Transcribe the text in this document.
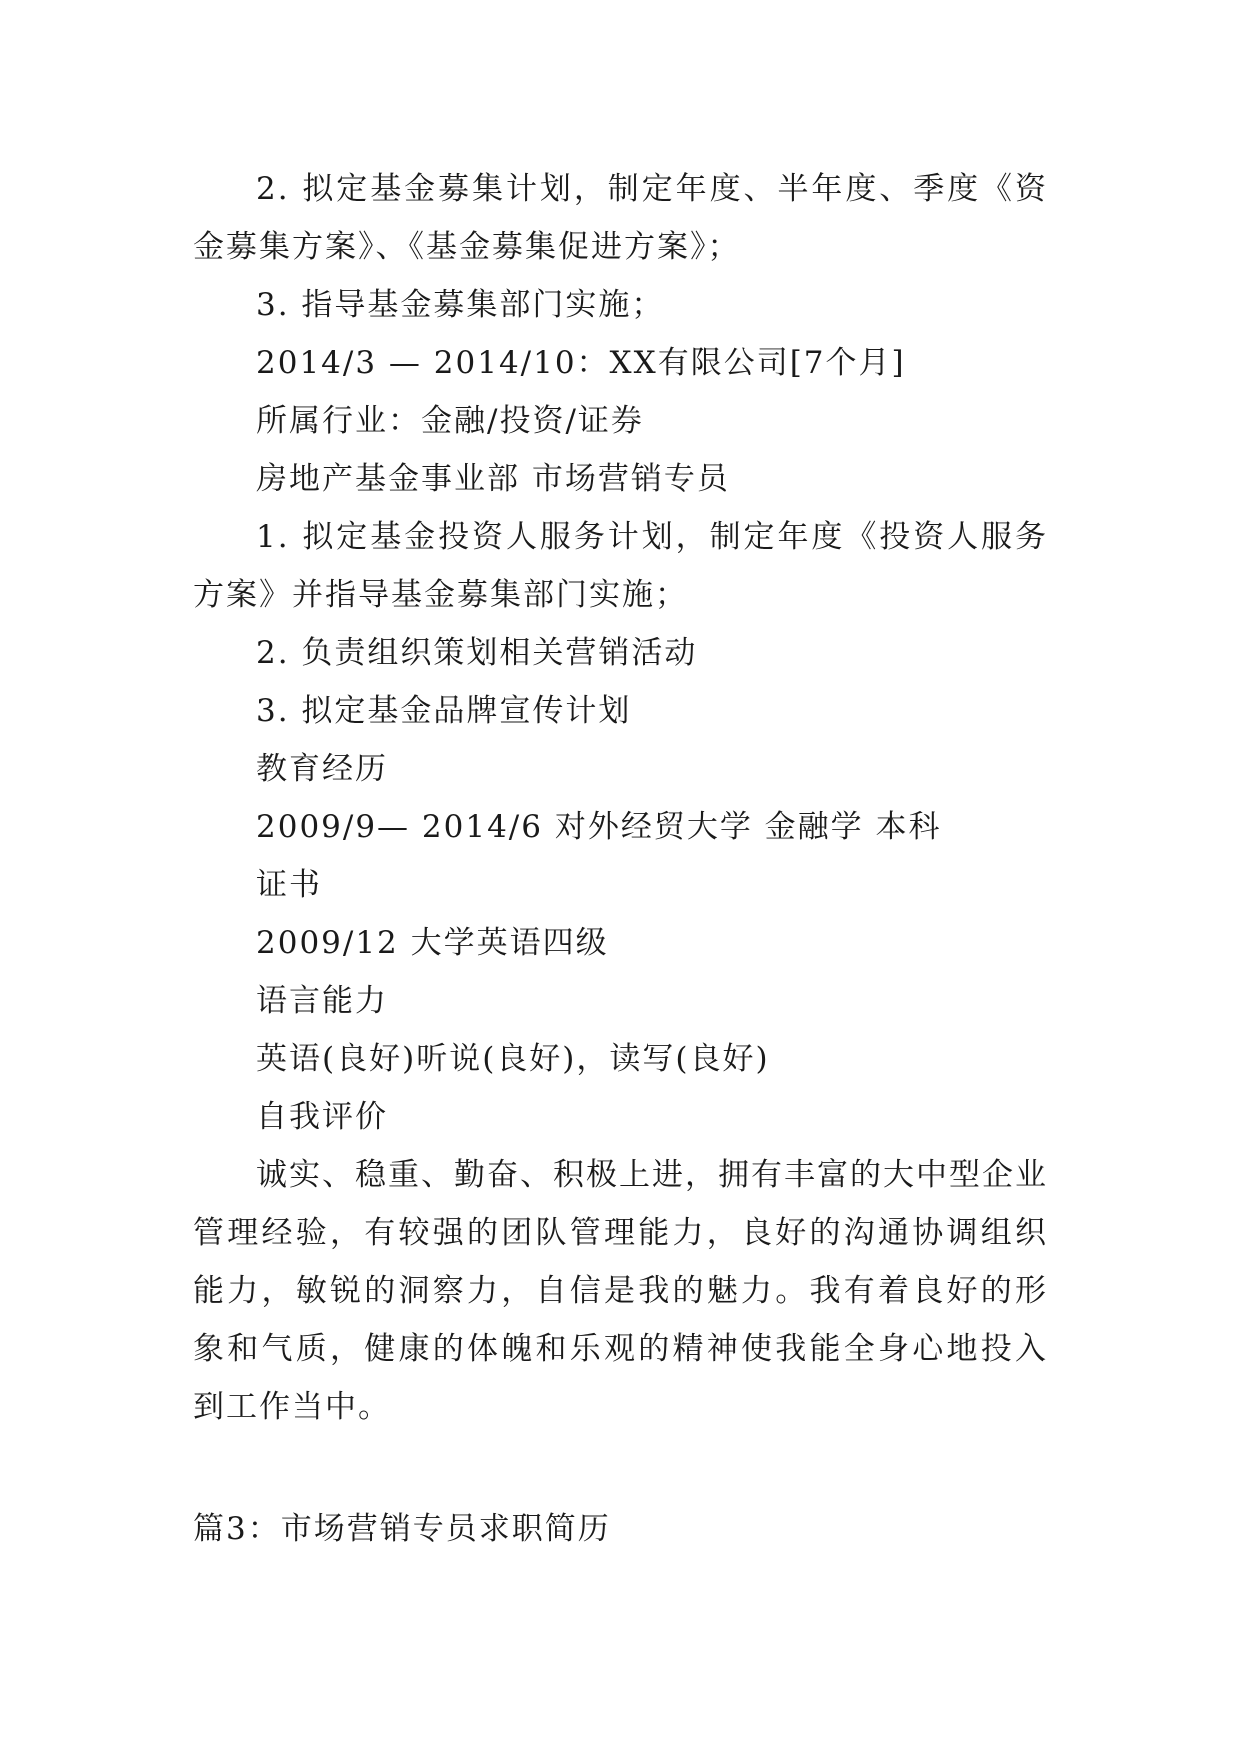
2. 拟定基金募集计划，制定年度、半年度、季度《资金募集方案》、《基金募集促进方案》；

3. 指导基金募集部门实施；
2014/3 — 2014/10：XX有限公司[7个月]
所属行业：金融/投资/证券
房地产基金事业部 市场营销专员

1. 拟定基金投资人服务计划，制定年度《投资人服务方案》并指导基金募集部门实施；

2. 负责组织策划相关营销活动
3. 拟定基金品牌宣传计划
教育经历
2009/9— 2014/6 对外经贸大学 金融学 本科
证书
2009/12 大学英语四级
语言能力
英语(良好)听说(良好)，读写(良好)
自我评价

诚实、稳重、勤奋、积极上进，拥有丰富的大中型企业管理经验，有较强的团队管理能力，良好的沟通协调组织能力，敏锐的洞察力，自信是我的魅力。我有着良好的形象和气质，健康的体魄和乐观的精神使我能全身心地投入到工作当中。

篇3：市场营销专员求职简历
